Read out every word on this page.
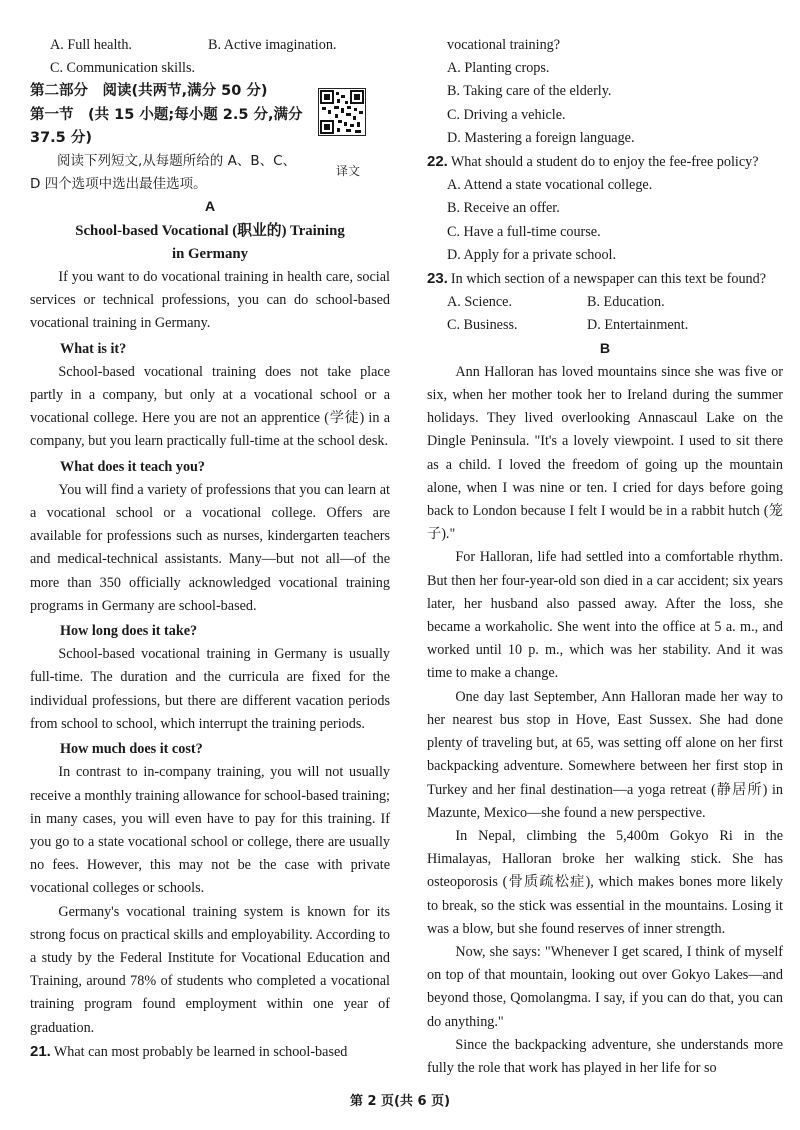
A. Full health.	B. Active imagination.

C. Communication skills.

第二部分　阅读(共两节,满分 50 分)

第一节　(共 15 小题;每小题 2.5 分,满分

37.5 分)

阅读下列短文,从每题所给的 A、B、C、

D 四个选项中选出最佳选项。

A

School-based Vocational (职业的) Training

in Germany

If you want to do vocational training in health care, social services or technical professions, you can do school-based vocational training in Germany.

What is it?

School-based vocational training does not take place partly in a company, but only at a vocational school or a vocational college. Here you are not an apprentice (学徒) in a company, but you learn practically full-time at the school desk.

What does it teach you?

You will find a variety of professions that you can learn at a vocational school or a vocational college. Offers are available for professions such as nurses, kindergarten teachers and medical-technical assistants. Many—but not all—of the more than 350 officially acknowledged vocational training programs in Germany are school-based.

How long does it take?

School-based vocational training in Germany is usually full-time. The duration and the curricula are fixed for the individual professions, but there are different vacation periods from school to school, which interrupt the training periods.

How much does it cost?

In contrast to in-company training, you will not usually receive a monthly training allowance for school-based training; in many cases, you will even have to pay for this training. If you go to a state vocational school or college, there are usually no fees. However, this may not be the case with private vocational colleges or schools.

Germany's vocational training system is known for its strong focus on practical skills and employability. According to a study by the Federal Institute for Vocational Education and Training, around 78% of students who completed a vocational training program found employment within one year of graduation.

21. What can most probably be learned in school-based

译文

vocational training?

A. Planting crops.

B. Taking care of the elderly.

C. Driving a vehicle.

D. Mastering a foreign language.

22. What should a student do to enjoy the fee-free policy?

A. Attend a state vocational college.

B. Receive an offer.

C. Have a full-time course.

D. Apply for a private school.

23. In which section of a newspaper can this text be found?

A. Science.	B. Education.
C. Business.	D. Entertainment.

B

Ann Halloran has loved mountains since she was five or six, when her mother took her to Ireland during the summer holidays. They lived overlooking Annascaul Lake on the Dingle Peninsula. "It's a lovely viewpoint. I used to sit there as a child. I loved the freedom of going up the mountain alone, when I was nine or ten. I cried for days before going back to London because I felt I would be in a rabbit hutch (笼子)."

For Halloran, life had settled into a comfortable rhythm. But then her four-year-old son died in a car accident; six years later, her husband also passed away. After the loss, she became a workaholic. She went into the office at 5 a. m., and worked until 10 p. m., which was her stability. And it was time to make a change.

One day last September, Ann Halloran made her way to her nearest bus stop in Hove, East Sussex. She had done plenty of traveling but, at 65, was setting off alone on her first backpacking adventure. Somewhere between her first stop in Turkey and her final destination—a yoga retreat (静居所) in Mazunte, Mexico—she found a new perspective.

In Nepal, climbing the 5,400m Gokyo Ri in the Himalayas, Halloran broke her walking stick. She has osteoporosis (骨质疏松症), which makes bones more likely to break, so the stick was essential in the mountains. Losing it was a blow, but she found reserves of inner strength.

Now, she says: "Whenever I get scared, I think of myself on top of that mountain, looking out over Gokyo Lakes—and beyond those, Qomolangma. I say, if you can do that, you can do anything."

Since the backpacking adventure, she understands more fully the role that work has played in her life for so

第 2 页(共 6 页)
